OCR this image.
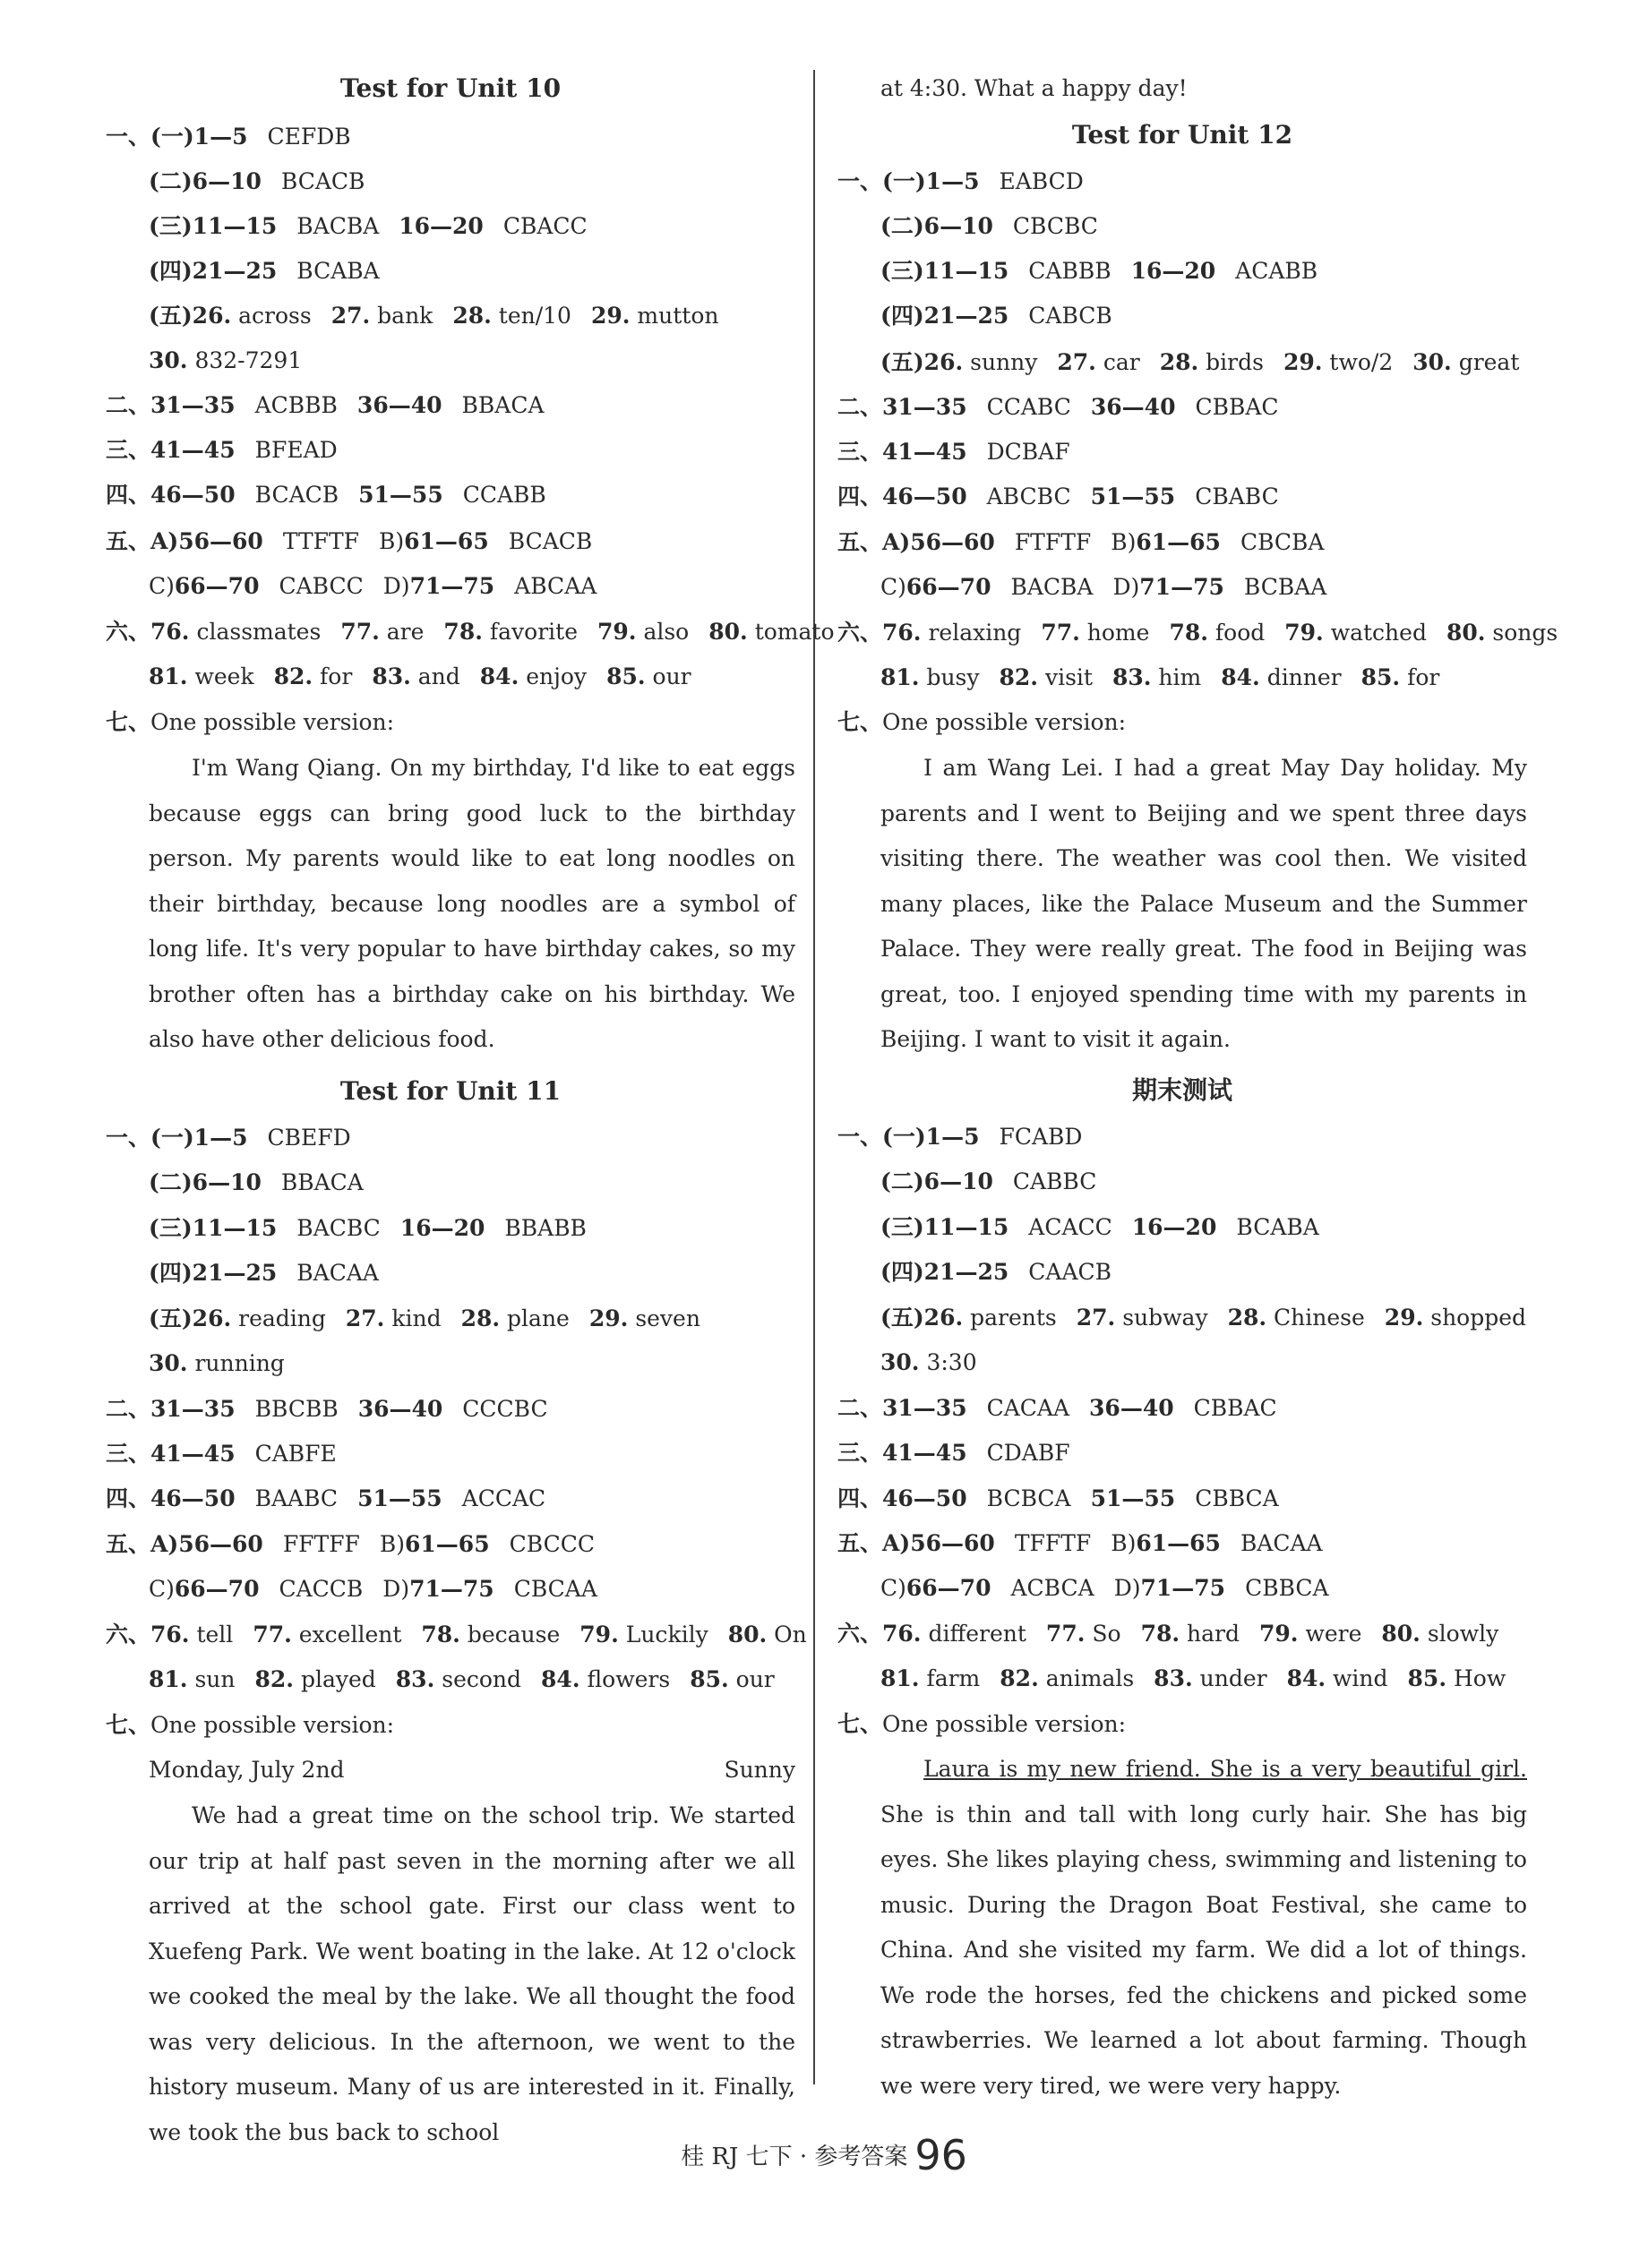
Test for Unit 10
一、(一)1—5 CEFDB
(二)6—10 BCACB
(三)11—15 BACBA 16—20 CBACC
(四)21—25 BCABA
(五)26. across 27. bank 28. ten/10 29. mutton
30. 832-7291
二、31—35 ACBBB 36—40 BBACA
三、41—45 BFEAD
四、46—50 BCACB 51—55 CCABB
五、A)56—60 TTFTF B)61—65 BCACB
C)66—70 CABCC D)71—75 ABCAA
六、76. classmates 77. are 78. favorite 79. also 80. tomato
81. week 82. for 83. and 84. enjoy 85. our
七、One possible version:
I'm Wang Qiang. On my birthday, I'd like to eat eggs because eggs can bring good luck to the birthday person. My parents would like to eat long noodles on their birthday, because long noodles are a symbol of long life. It's very popular to have birthday cakes, so my brother often has a birthday cake on his birthday. We also have other delicious food.
Test for Unit 11
一、(一)1—5 CBEFD
(二)6—10 BBACA
(三)11—15 BACBC 16—20 BBABB
(四)21—25 BACAA
(五)26. reading 27. kind 28. plane 29. seven
30. running
二、31—35 BBCBB 36—40 CCCBC
三、41—45 CABFE
四、46—50 BAABC 51—55 ACCAC
五、A)56—60 FFTFF B)61—65 CBCCC
C)66—70 CACCB D)71—75 CBCAA
六、76. tell 77. excellent 78. because 79. Luckily 80. On
81. sun 82. played 83. second 84. flowers 85. our
七、One possible version:
Monday, July 2nd	Sunny
We had a great time on the school trip. We started our trip at half past seven in the morning after we all arrived at the school gate. First our class went to Xuefeng Park. We went boating in the lake. At 12 o'clock we cooked the meal by the lake. We all thought the food was very delicious. In the afternoon, we went to the history museum. Many of us are interested in it. Finally, we took the bus back to school
at 4:30. What a happy day!
Test for Unit 12
一、(一)1—5 EABCD
(二)6—10 CBCBC
(三)11—15 CABBB 16—20 ACABB
(四)21—25 CABCB
(五)26. sunny 27. car 28. birds 29. two/2 30. great
二、31—35 CCABC 36—40 CBBAC
三、41—45 DCBAF
四、46—50 ABCBC 51—55 CBABC
五、A)56—60 FTFTF B)61—65 CBCBA
C)66—70 BACBA D)71—75 BCBAA
六、76. relaxing 77. home 78. food 79. watched 80. songs
81. busy 82. visit 83. him 84. dinner 85. for
七、One possible version:
I am Wang Lei. I had a great May Day holiday. My parents and I went to Beijing and we spent three days visiting there. The weather was cool then. We visited many places, like the Palace Museum and the Summer Palace. They were really great. The food in Beijing was great, too. I enjoyed spending time with my parents in Beijing. I want to visit it again.
期末测试
一、(一)1—5 FCABD
(二)6—10 CABBC
(三)11—15 ACACC 16—20 BCABA
(四)21—25 CAACB
(五)26. parents 27. subway 28. Chinese 29. shopped
30. 3:30
二、31—35 CACAA 36—40 CBBAC
三、41—45 CDABF
四、46—50 BCBCA 51—55 CBBCA
五、A)56—60 TFFTF B)61—65 BACAA
C)66—70 ACBCA D)71—75 CBBCA
六、76. different 77. So 78. hard 79. were 80. slowly
81. farm 82. animals 83. under 84. wind 85. How
七、One possible version:
Laura is my new friend. She is a very beautiful girl. She is thin and tall with long curly hair. She has big eyes. She likes playing chess, swimming and listening to music. During the Dragon Boat Festival, she came to China. And she visited my farm. We did a lot of things. We rode the horses, fed the chickens and picked some strawberries. We learned a lot about farming. Though we were very tired, we were very happy.
桂 RJ 七下 · 参考答案 96
